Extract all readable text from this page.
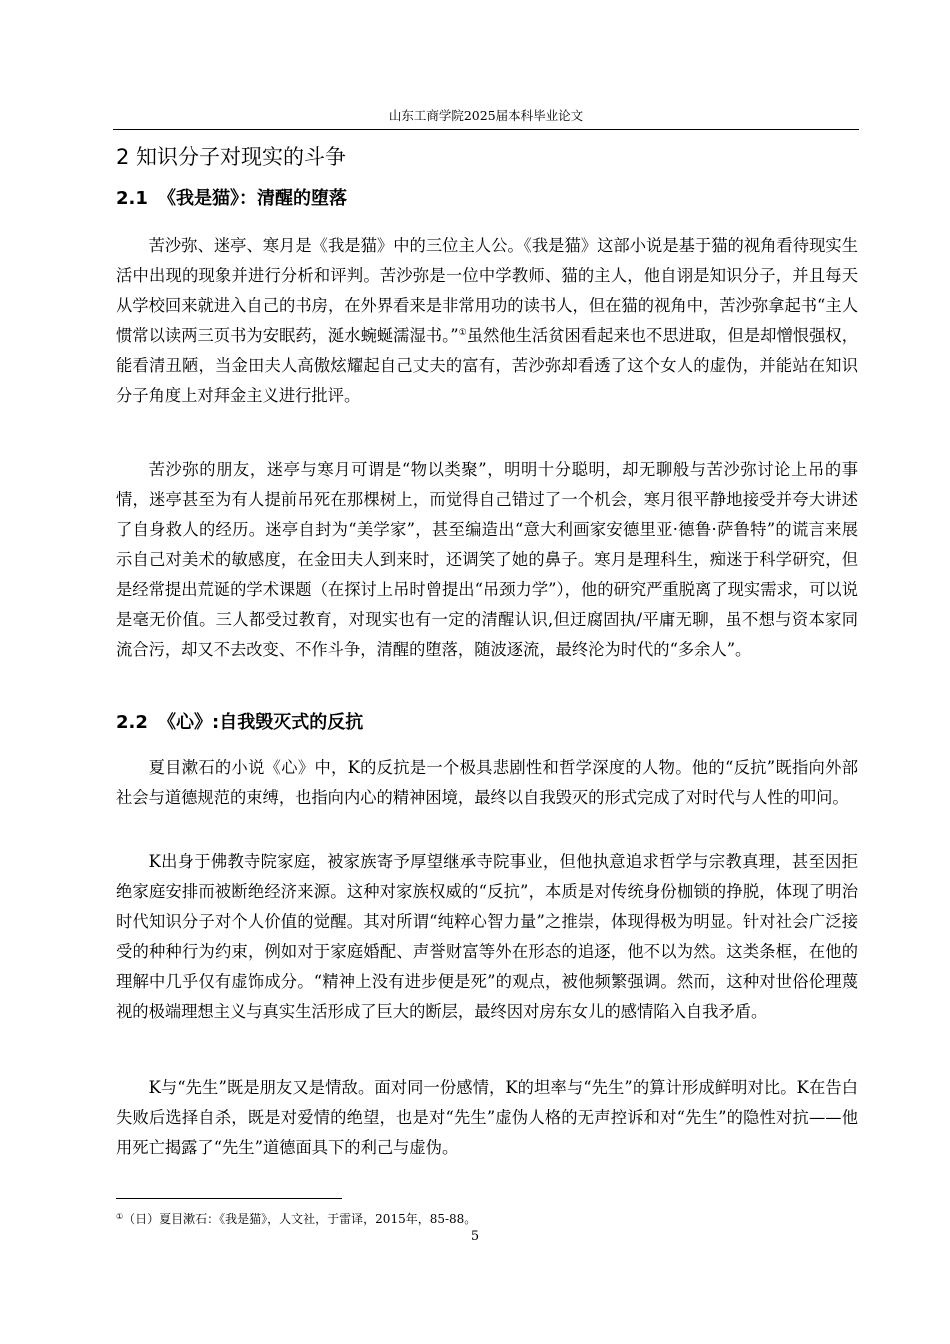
山东工商学院2025届本科毕业论文
2 知识分子对现实的斗争
2.1 《我是猫》：清醒的堕落

苦沙弥、迷亭、寒月是《我是猫》中的三位主人公。《我是猫》这部小说是基于猫的视角看待现实生活中出现的现象并进行分析和评判。苦沙弥是一位中学教师、猫的主人，他自诩是知识分子，并且每天从学校回来就进入自己的书房，在外界看来是非常用功的读书人，但在猫的视角中，苦沙弥拿起书“主人惯常以读两三页书为安眠药，涎水蜿蜒濡湿书。”①虽然他生活贫困看起来也不思进取，但是却憎恨强权，能看清丑陋，当金田夫人高傲炫耀起自己丈夫的富有，苦沙弥却看透了这个女人的虚伪，并能站在知识分子角度上对拜金主义进行批评。

苦沙弥的朋友，迷亭与寒月可谓是“物以类聚”，明明十分聪明，却无聊般与苦沙弥讨论上吊的事情，迷亭甚至为有人提前吊死在那棵树上，而觉得自己错过了一个机会，寒月很平静地接受并夸大讲述了自身救人的经历。迷亭自封为“美学家”，甚至编造出“意大利画家安德里亚·德鲁·萨鲁特”的谎言来展示自己对美术的敏感度，在金田夫人到来时，还调笑了她的鼻子。寒月是理科生，痴迷于科学研究，但是经常提出荒诞的学术课题（在探讨上吊时曾提出“吊颈力学”），他的研究严重脱离了现实需求，可以说是毫无价值。三人都受过教育，对现实也有一定的清醒认识,但迂腐固执/平庸无聊，虽不想与资本家同流合污，却又不去改变、不作斗争，清醒的堕落，随波逐流，最终沦为时代的“多余人”。

2.2 《心》:自我毁灭式的反抗

夏目漱石的小说《心》中，K的反抗是一个极具悲剧性和哲学深度的人物。他的“反抗”既指向外部社会与道德规范的束缚，也指向内心的精神困境，最终以自我毁灭的形式完成了对时代与人性的叩问。

K出身于佛教寺院家庭，被家族寄予厚望继承寺院事业，但他执意追求哲学与宗教真理，甚至因拒绝家庭安排而被断绝经济来源。这种对家族权威的“反抗”，本质是对传统身份枷锁的挣脱，体现了明治时代知识分子对个人价值的觉醒。其对所谓“纯粹心智力量”之推崇，体现得极为明显。针对社会广泛接受的种种行为约束，例如对于家庭婚配、声誉财富等外在形态的追逐，他不以为然。这类条框，在他的理解中几乎仅有虚饰成分。“精神上没有进步便是死”的观点，被他频繁强调。然而，这种对世俗伦理蔑视的极端理想主义与真实生活形成了巨大的断层，最终因对房东女儿的感情陷入自我矛盾。

K与“先生”既是朋友又是情敌。面对同一份感情，K的坦率与“先生”的算计形成鲜明对比。K在告白失败后选择自杀，既是对爱情的绝望，也是对“先生”虚伪人格的无声控诉和对“先生”的隐性对抗——他用死亡揭露了“先生”道德面具下的利己与虚伪。

①（日）夏目漱石：《我是猫》，人文社，于雷译，2015年，85-88。
5
